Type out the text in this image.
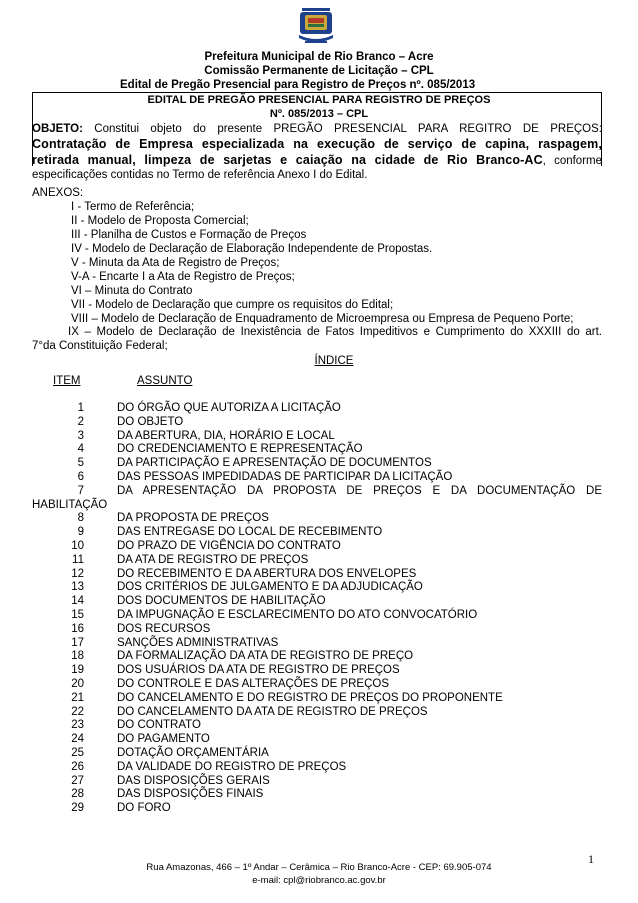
Prefeitura Municipal de Rio Branco – Acre
Comissão Permanente de Licitação – CPL
Edital de Pregão Presencial para Registro de Preços nº. 085/2013
EDITAL DE PREGÃO PRESENCIAL PARA REGISTRO DE PREÇOS
Nº. 085/2013 – CPL
OBJETO: Constitui objeto do presente PREGÃO PRESENCIAL PARA REGITRO DE PREÇOS:
Contratação de Empresa especializada na execução de serviço de capina, raspagem,
retirada manual, limpeza de sarjetas e caiação na cidade de Rio Branco-AC, conforme
especificações contidas no Termo de referência Anexo I do Edital.
ANEXOS:
I - Termo de Referência;
II - Modelo de Proposta Comercial;
III - Planilha de Custos e Formação de Preços
IV - Modelo de Declaração de Elaboração Independente de Propostas.
V - Minuta da Ata de Registro de Preços;
V-A - Encarte I a Ata de Registro de Preços;
VI – Minuta do Contrato
VII - Modelo de Declaração que cumpre os requisitos do Edital;
VIII – Modelo de Declaração de Enquadramento de Microempresa ou Empresa de Pequeno Porte;
IX – Modelo de Declaração de Inexistência de Fatos Impeditivos e Cumprimento do XXXIII do art.
7°da Constituição Federal;
ÍNDICE
ITEM	ASSUNTO
1	DO ÓRGÃO QUE AUTORIZA A LICITAÇÃO
2	DO OBJETO
3	DA ABERTURA, DIA, HORÁRIO E LOCAL
4	DO CREDENCIAMENTO E REPRESENTAÇÃO
5	DA PARTICIPAÇÃO E APRESENTAÇÃO DE DOCUMENTOS
6	DAS PESSOAS IMPEDIDADAS DE PARTICIPAR DA LICITAÇÃO
7	DA APRESENTAÇÃO DA PROPOSTA DE PREÇOS E DA DOCUMENTAÇÃO DE
HABILITAÇÃO
8	DA PROPOSTA DE PREÇOS
9	DAS ENTREGASE DO LOCAL DE RECEBIMENTO
10	DO PRAZO DE VIGÊNCIA DO CONTRATO
11	DA ATA DE REGISTRO DE PREÇOS
12	DO RECEBIMENTO E DA ABERTURA DOS ENVELOPES
13	DOS CRITÉRIOS DE JULGAMENTO E DA ADJUDICAÇÃO
14	DOS DOCUMENTOS DE HABILITAÇÃO
15	DA IMPUGNAÇÃO E ESCLARECIMENTO DO ATO CONVOCATÓRIO
16	DOS RECURSOS
17	SANÇÕES ADMINISTRATIVAS
18	DA FORMALIZAÇÃO DA ATA DE REGISTRO DE PREÇO
19	DOS USUÁRIOS DA ATA DE REGISTRO DE PREÇOS
20	DO CONTROLE E DAS ALTERAÇÕES DE PREÇOS
21	DO CANCELAMENTO E DO REGISTRO DE PREÇOS DO PROPONENTE
22	DO CANCELAMENTO DA ATA DE REGISTRO DE PREÇOS
23	DO CONTRATO
24	DO PAGAMENTO
25	DOTAÇÃO ORÇAMENTÁRIA
26	DA VALIDADE DO REGISTRO DE PREÇOS
27	DAS DISPOSIÇÕES GERAIS
28	DAS DISPOSIÇÕES FINAIS
29	DO FORO
1
Rua Amazonas, 466 – 1º Andar – Cerâmica – Rio Branco-Acre - CEP: 69.905-074
e-mail: cpl@riobranco.ac.gov.br
